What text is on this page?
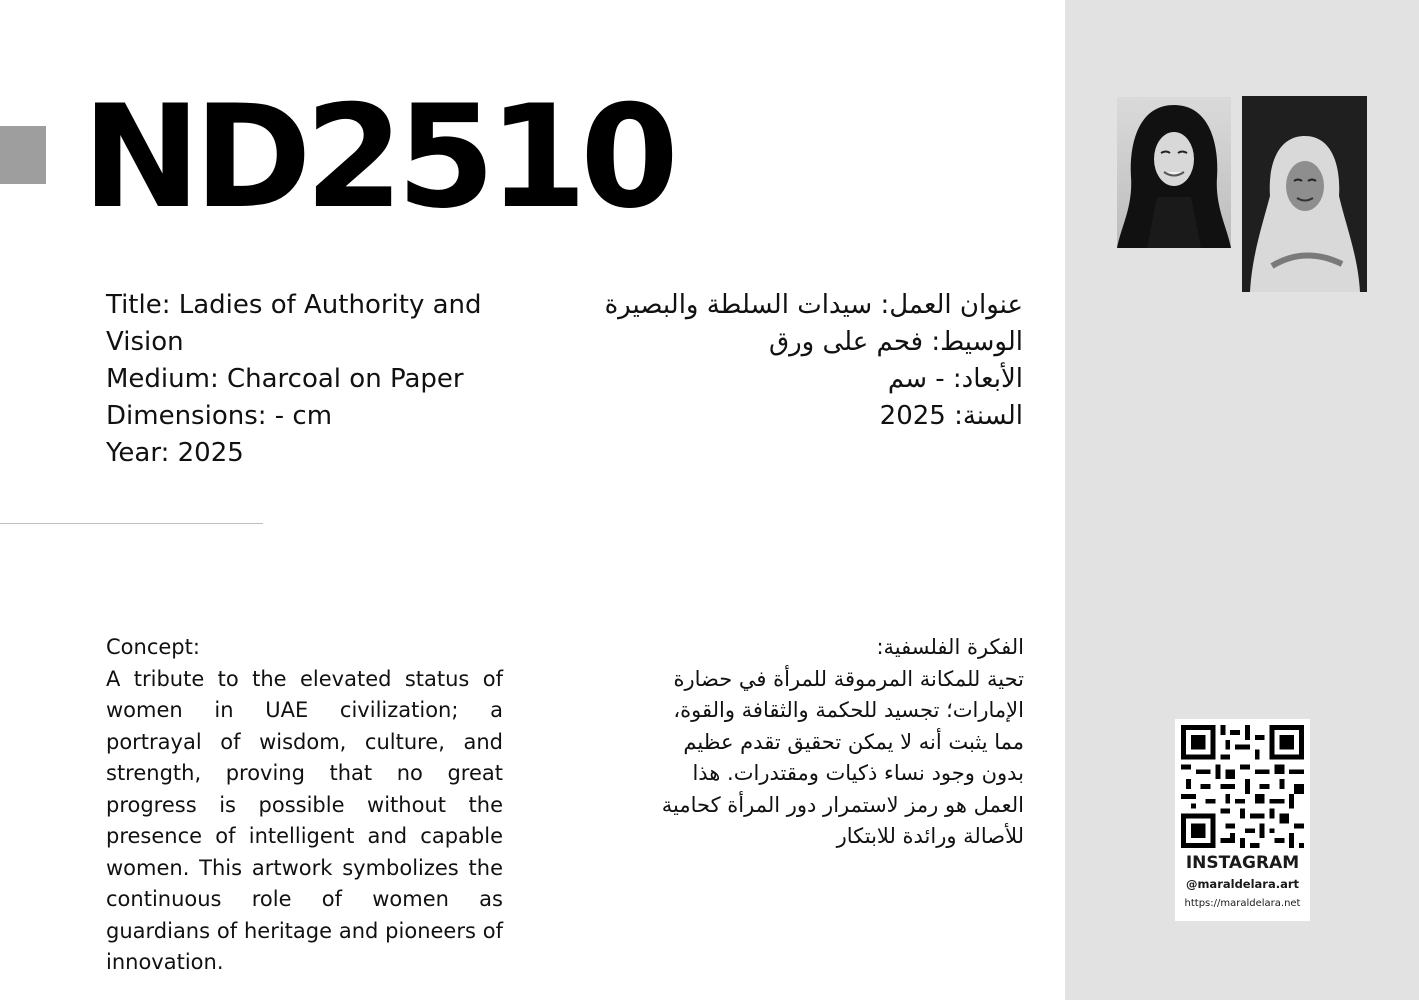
ND2510
Title: Ladies of Authority and Vision
Medium: Charcoal on Paper
Dimensions: - cm
Year: 2025
عنوان العمل: سيدات السلطة والبصيرة
الوسيط: فحم على ورق
الأبعاد: - سم
السنة: 2025
Concept:
A tribute to the elevated status of women in UAE civilization; a portrayal of wisdom, culture, and strength, proving that no great progress is possible without the presence of intelligent and capable women. This artwork symbolizes the continuous role of women as guardians of heritage and pioneers of innovation.
الفكرة الفلسفية:
تحية للمكانة المرموقة للمرأة في حضارة
الإمارات؛ تجسيد للحكمة والثقافة والقوة،
مما يثبت أنه لا يمكن تحقيق تقدم عظيم
بدون وجود نساء ذكيات ومقتدرات. هذا
العمل هو رمز لاستمرار دور المرأة كحامية
للأصالة ورائدة للابتكار
INSTAGRAM
@maraldelara.art
https://maraldelara.net
